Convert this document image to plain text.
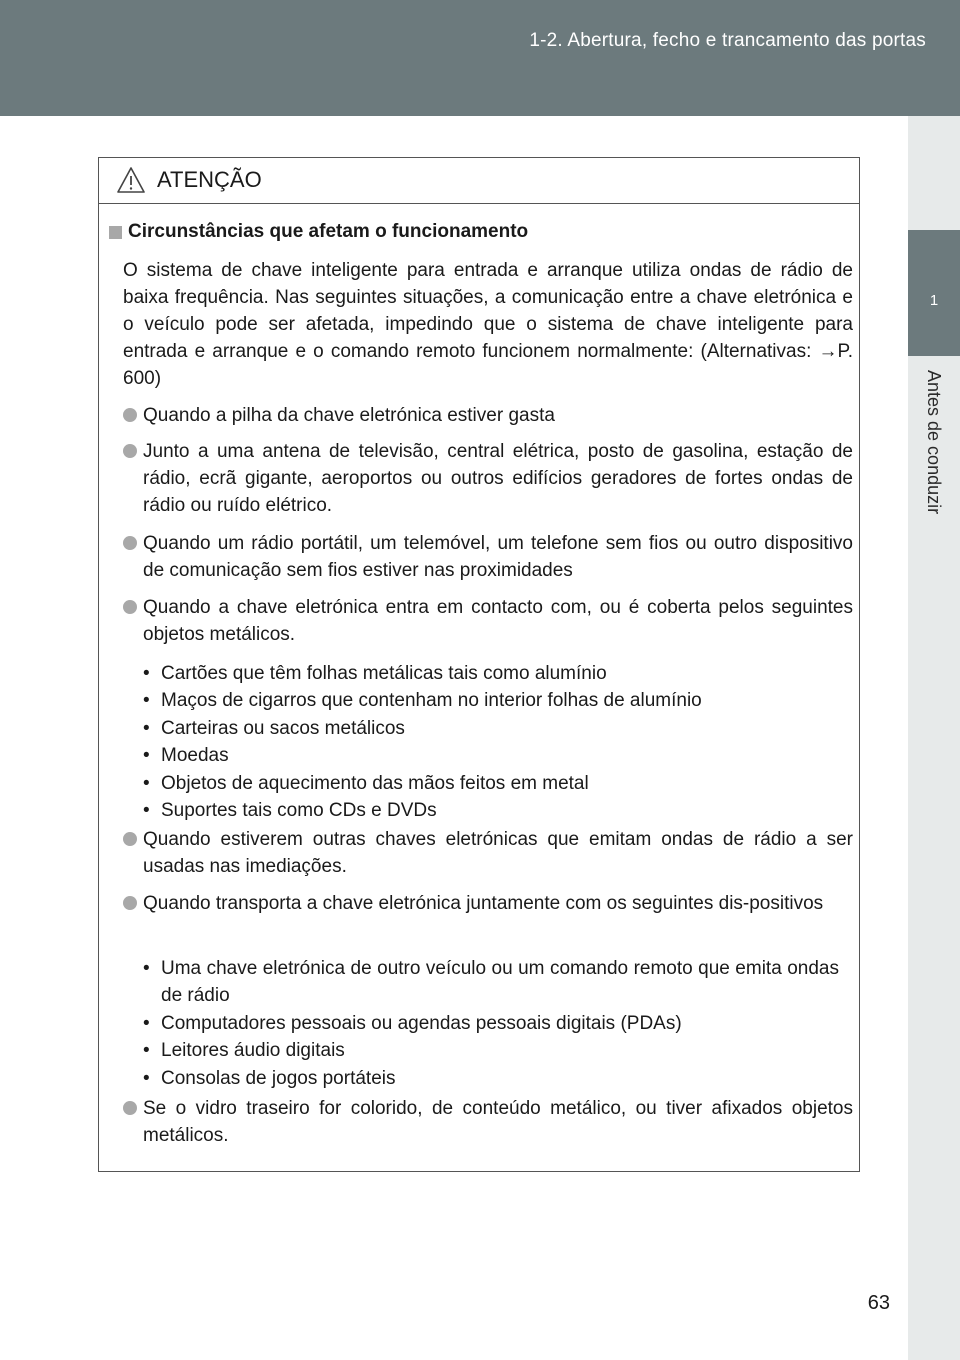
1-2. Abertura, fecho e trancamento das portas
1
Antes de conduzir
ATENÇÃO
Circunstâncias que afetam o funcionamento
O sistema de chave inteligente para entrada e arranque utiliza ondas de rádio de baixa frequência. Nas seguintes situações, a comunicação entre a chave eletrónica e o veículo pode ser afetada, impedindo que o sistema de chave inteligente para entrada e arranque e o comando remoto funcionem normalmente: (Alternativas: →P. 600)
Quando a pilha da chave eletrónica estiver gasta
Junto a uma antena de televisão, central elétrica, posto de gasolina, estação de rádio, ecrã gigante, aeroportos ou outros edifícios geradores de fortes ondas de rádio ou ruído elétrico.
Quando um rádio portátil, um telemóvel, um telefone sem fios ou outro dispositivo de comunicação sem fios estiver nas proximidades
Quando a chave eletrónica entra em contacto com, ou é coberta pelos seguintes objetos metálicos.
• Cartões que têm folhas metálicas tais como alumínio
• Maços de cigarros que contenham no interior folhas de alumínio
• Carteiras ou sacos metálicos
• Moedas
• Objetos de aquecimento das mãos feitos em metal
• Suportes tais como CDs e DVDs
Quando estiverem outras chaves eletrónicas que emitam ondas de rádio a ser usadas nas imediações.
Quando transporta a chave eletrónica juntamente com os seguintes dis-positivos
• Uma chave eletrónica de outro veículo ou um comando remoto que emita ondas de rádio
• Computadores pessoais ou agendas pessoais digitais (PDAs)
• Leitores áudio digitais
• Consolas de jogos portáteis
Se o vidro traseiro for colorido, de conteúdo metálico, ou tiver afixados objetos metálicos.
63
